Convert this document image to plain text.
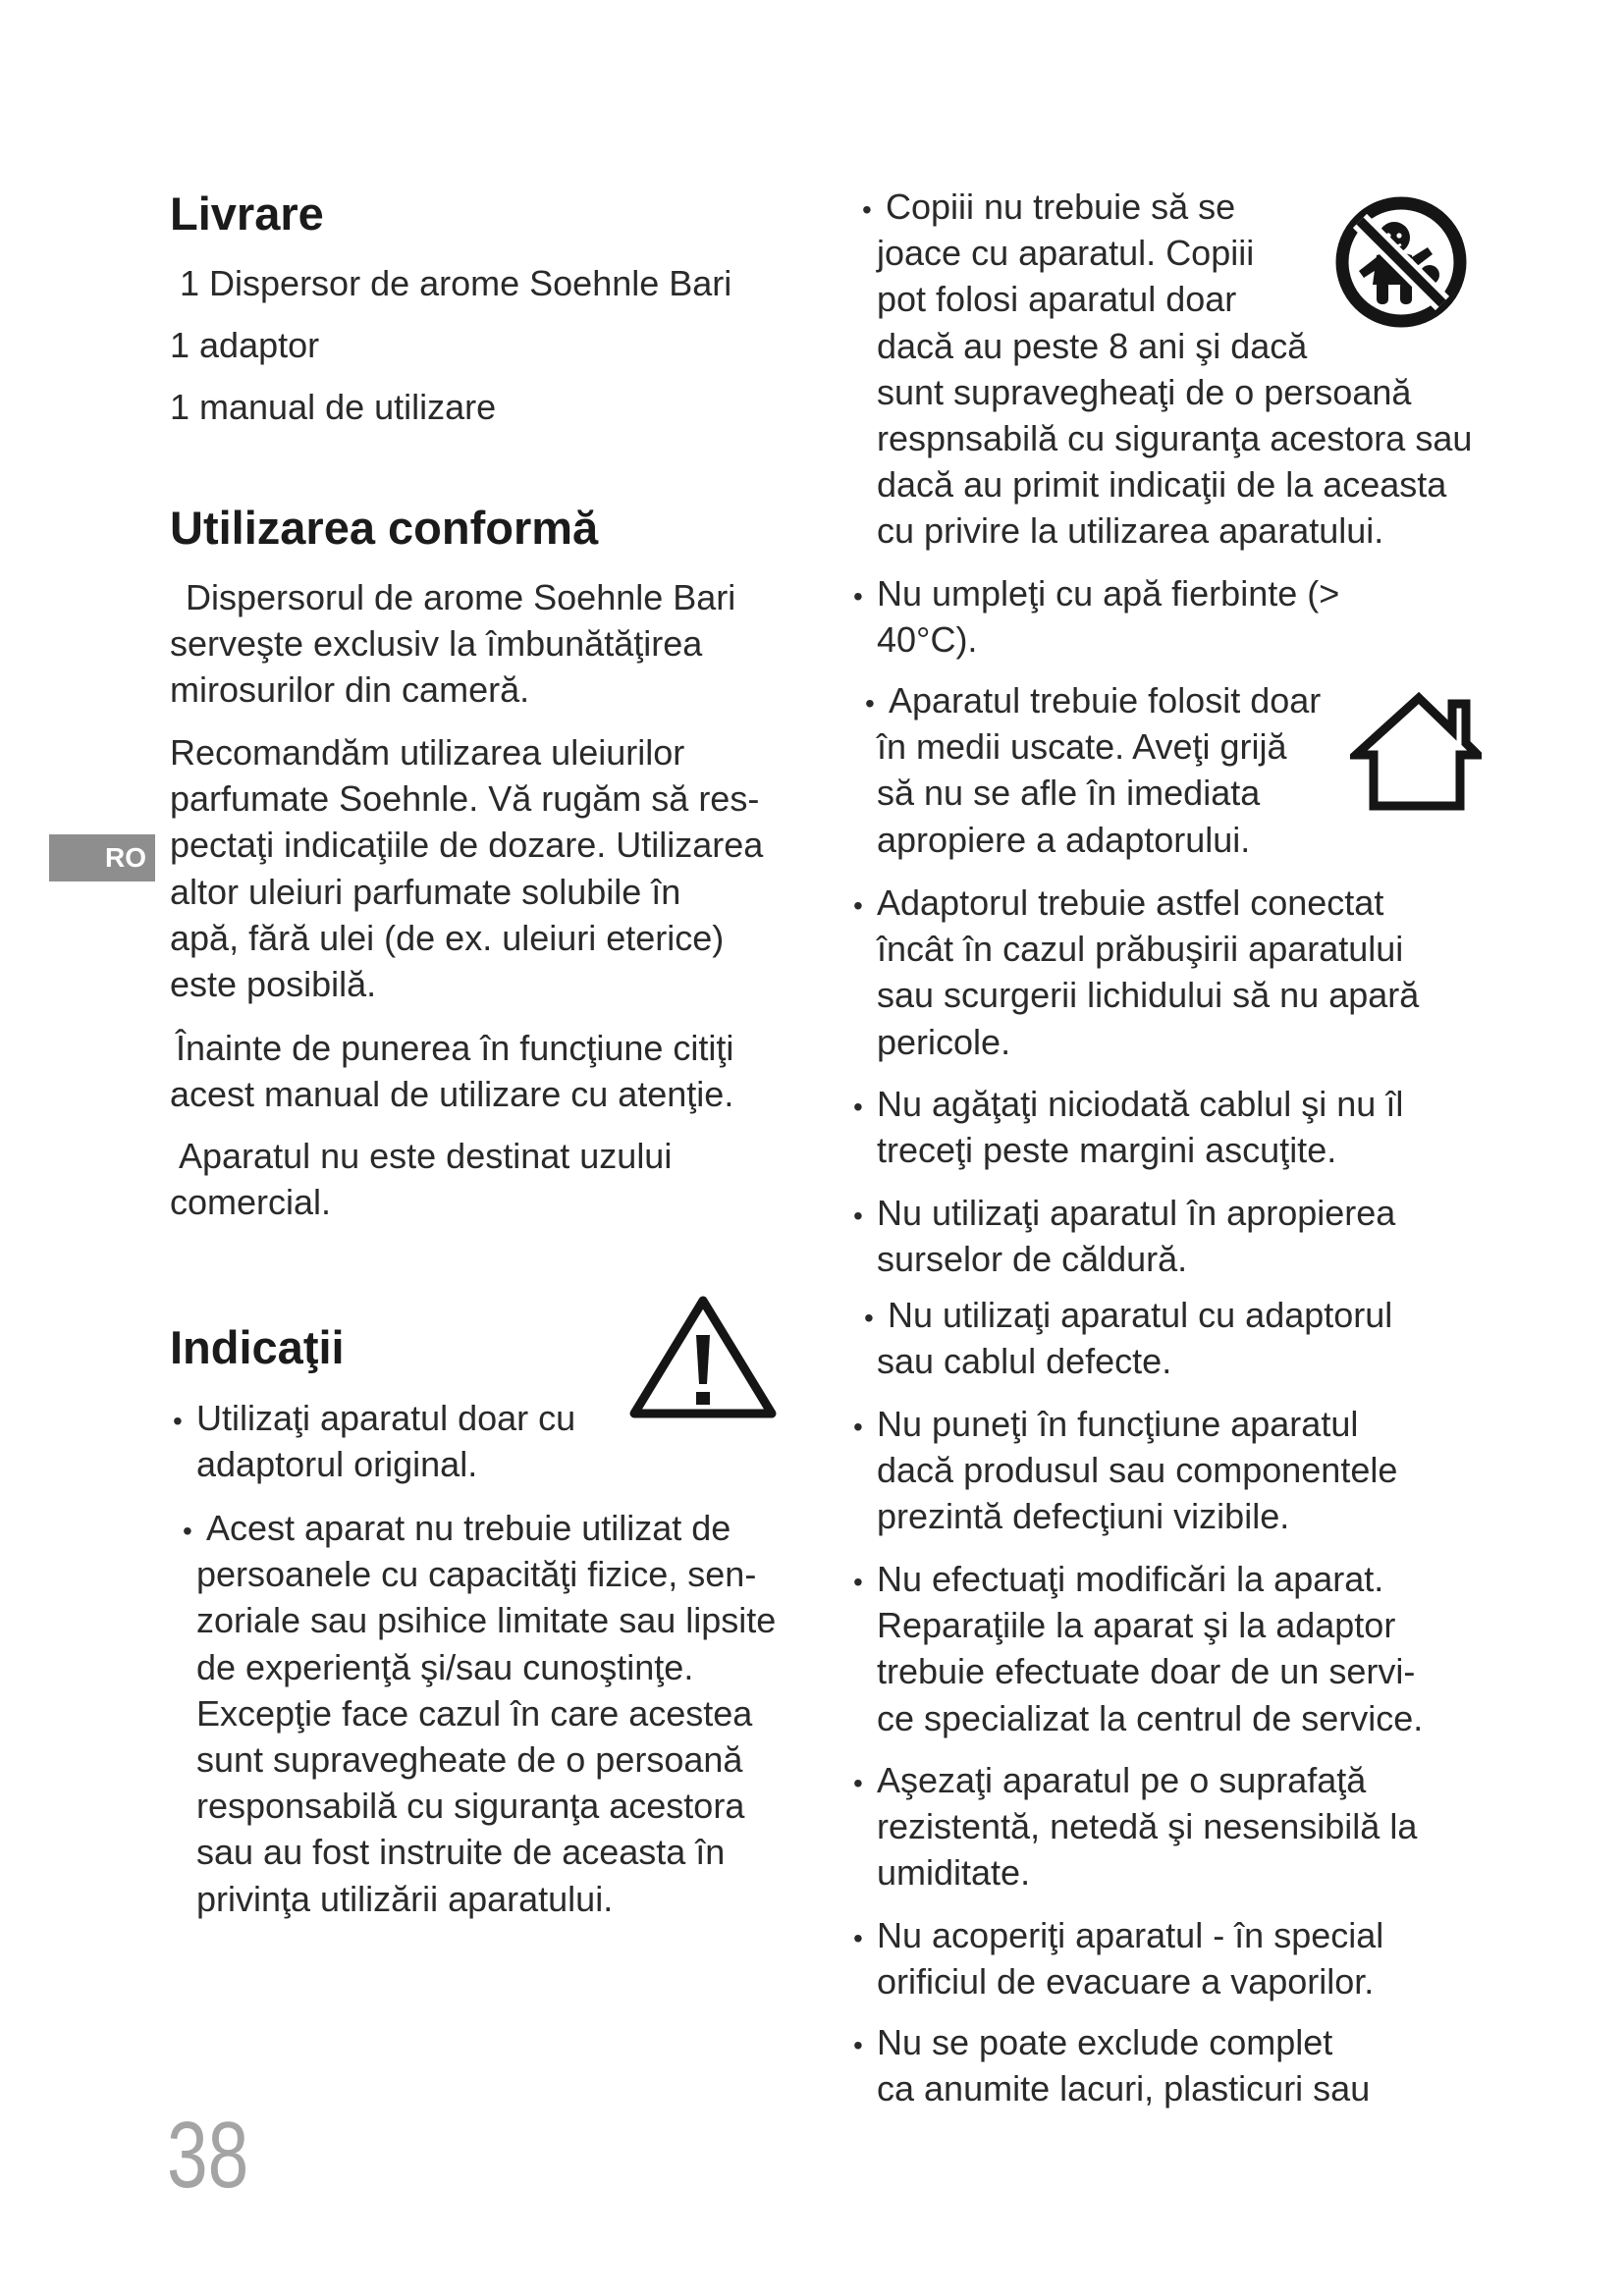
RO
Livrare
1 Dispersor de arome Soehnle Bari
1 adaptor
1 manual de utilizare
Utilizarea conformă
Dispersorul de arome Soehnle Bari
serveşte exclusiv la îmbunătăţirea
mirosurilor din cameră.
Recomandăm utilizarea uleiurilor
parfumate Soehnle. Vă rugăm să res-
pectaţi indicaţiile de dozare. Utilizarea
altor uleiuri parfumate solubile în
apă, fără ulei (de ex. uleiuri eterice)
este posibilă.
Înainte de punerea în funcţiune citiţi
acest manual de utilizare cu atenţie.
Aparatul nu este destinat uzului
comercial.
Indicaţii
• Utilizaţi aparatul doar cu
adaptorul original.
• Acest aparat nu trebuie utilizat de
persoanele cu capacităţi fizice, sen-
zoriale sau psihice limitate sau lipsite
de experienţă şi/sau cunoştinţe.
Excepţie face cazul în care acestea
sunt supravegheate de o persoană
responsabilă cu siguranţa acestora
sau au fost instruite de aceasta în
privinţa utilizării aparatului.
• Copiii nu trebuie să se
joace cu aparatul. Copiii
pot folosi aparatul doar
dacă au peste 8 ani şi dacă
sunt supravegheaţi de o persoană
respnsabilă cu siguranţa acestora sau
dacă au primit indicaţii de la aceasta
cu privire la utilizarea aparatului.
• Nu umpleţi cu apă fierbinte (>
40°C).
• Aparatul trebuie folosit doar
în medii uscate. Aveţi grijă
să nu se afle în imediata
apropiere a adaptorului.
• Adaptorul trebuie astfel conectat
încât în cazul prăbuşirii aparatului
sau scurgerii lichidului să nu apară
pericole.
• Nu agăţaţi niciodată cablul şi nu îl
treceţi peste margini ascuţite.
• Nu utilizaţi aparatul în apropierea
surselor de căldură.
• Nu utilizaţi aparatul cu adaptorul
sau cablul defecte.
• Nu puneţi în funcţiune aparatul
dacă produsul sau componentele
prezintă defecţiuni vizibile.
• Nu efectuaţi modificări la aparat.
Reparaţiile la aparat şi la adaptor
trebuie efectuate doar de un servi-
ce specializat la centrul de service.
• Aşezaţi aparatul pe o suprafaţă
rezistentă, netedă şi nesensibilă la
umiditate.
• Nu acoperiţi aparatul - în special
orificiul de evacuare a vaporilor.
• Nu se poate exclude complet
ca anumite lacuri, plasticuri sau
38
